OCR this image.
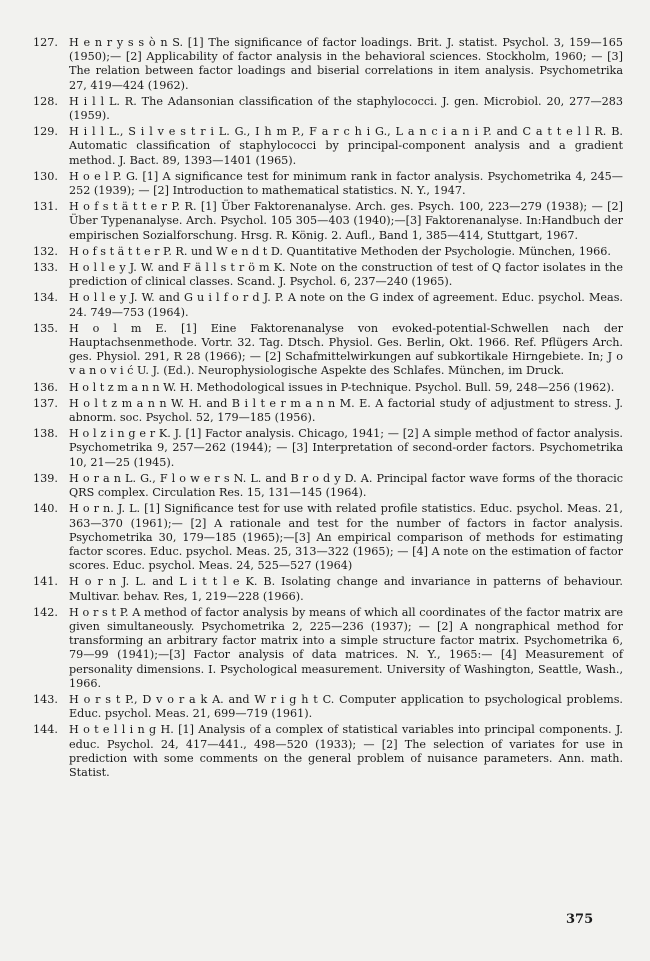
127. H e n r y s s ò n S. [1] The significance of factor loadings. Brit. J. statist. Psychol. 3, 159—165 (1950);— [2] Applicability of factor analysis in the behavioral sciences. Stockholm, 1960; — [3] The relation between factor loadings and biserial correlations in item analysis. Psychometrika 27, 419—424 (1962).
128. H i l l L. R. The Adansonian classification of the staphylococci. J. gen. Microbiol. 20, 277—283 (1959).
129. H i l l L., S i l v e s t r i L. G., I h m P., F a r c h i G., L a n c i a n i P. and C a t t e l l R. B. Automatic classification of staphylococci by principal-component analysis and a gradient method. J. Bact. 89, 1393—1401 (1965).
130. H o e l P. G. [1] A significance test for minimum rank in factor analysis. Psychometrika 4, 245—252 (1939); — [2] Introduction to mathematical statistics. N. Y., 1947.
131. H o f s t ä t t e r P. R. [1] Über Faktorenanalyse. Arch. ges. Psych. 100, 223—279 (1938); — [2] Über Typenanalyse. Arch. Psychol. 105 305—403 (1940);—[3] Faktorenanalyse. In:Handbuch der empirischen Sozialforschung. Hrsg. R. König. 2. Aufl., Band 1, 385—414, Stuttgart, 1967.
132. H o f s t ä t t e r P. R. und W e n d t D. Quantitative Methoden der Psychologie. München, 1966.
133. H o l l e y J. W. and F ä l l s t r ö m K. Note on the construction of test of Q factor isolates in the prediction of clinical classes. Scand. J. Psychol. 6, 237—240 (1965).
134. H o l l e y J. W. and G u i l f o r d J. P. A note on the G index of agreement. Educ. psychol. Meas. 24. 749—753 (1964).
135. H o l m E. [1] Eine Faktorenanalyse von evoked-potential-Schwellen nach der Hauptachsenmethode. Vortr. 32. Tag. Dtsch. Physiol. Ges. Berlin, Okt. 1966. Ref. Pflügers Arch. ges. Physiol. 291, R 28 (1966); — [2] Schafmittelwirkungen auf subkortikale Hirngebiete. In; J o v a n o v i ć U. J. (Ed.). Neurophysiologische Aspekte des Schlafes. München, im Druck.
136. H o l t z m a n n W. H. Methodological issues in P-technique. Psychol. Bull. 59, 248—256 (1962).
137. H o l t z m a n n W. H. and B i l t e r m a n n M. E. A factorial study of adjustment to stress. J. abnorm. soc. Psychol. 52, 179—185 (1956).
138. H o l z i n g e r K. J. [1] Factor analysis. Chicago, 1941; — [2] A simple method of factor analysis. Psychometrika 9, 257—262 (1944); — [3] Interpretation of second-order factors. Psychometrika 10, 21—25 (1945).
139. H o r a n L. G., F l o w e r s N. L. and B r o d y D. A. Principal factor wave forms of the thoracic QRS complex. Circulation Res. 15, 131—145 (1964).
140. H o r n. J. L. [1] Significance test for use with related profile statistics. Educ. psychol. Meas. 21, 363—370 (1961);— [2] A rationale and test for the number of factors in factor analysis. Psychometrika 30, 179—185 (1965);—[3] An empirical comparison of methods for estimating factor scores. Educ. psychol. Meas. 25, 313—322 (1965); — [4] A note on the estimation of factor scores. Educ. psychol. Meas. 24, 525—527 (1964)
141. H o r n J. L. and L i t t l e K. B. Isolating change and invariance in patterns of behaviour. Multivar. behav. Res, 1, 219—228 (1966).
142. H o r s t P. A method of factor analysis by means of which all coordinates of the factor matrix are given simultaneously. Psychometrika 2, 225—236 (1937); — [2] A nongraphical method for transforming an arbitrary factor matrix into a simple structure factor matrix. Psychometrika 6, 79—99 (1941);—[3] Factor analysis of data matrices. N. Y., 1965:— [4] Measurement of personality dimensions. I. Psychological measurement. University of Washington, Seattle, Wash., 1966.
143. H o r s t P., D v o r a k A. and W r i g h t C. Computer application to psychological problems. Educ. psychol. Meas. 21, 699—719 (1961).
144. H o t e l l i n g H. [1] Analysis of a complex of statistical variables into principal components. J. educ. Psychol. 24, 417—441., 498—520 (1933); — [2] The selection of variates for use in prediction with some comments on the general problem of nuisance parameters. Ann. math. Statist.
375
